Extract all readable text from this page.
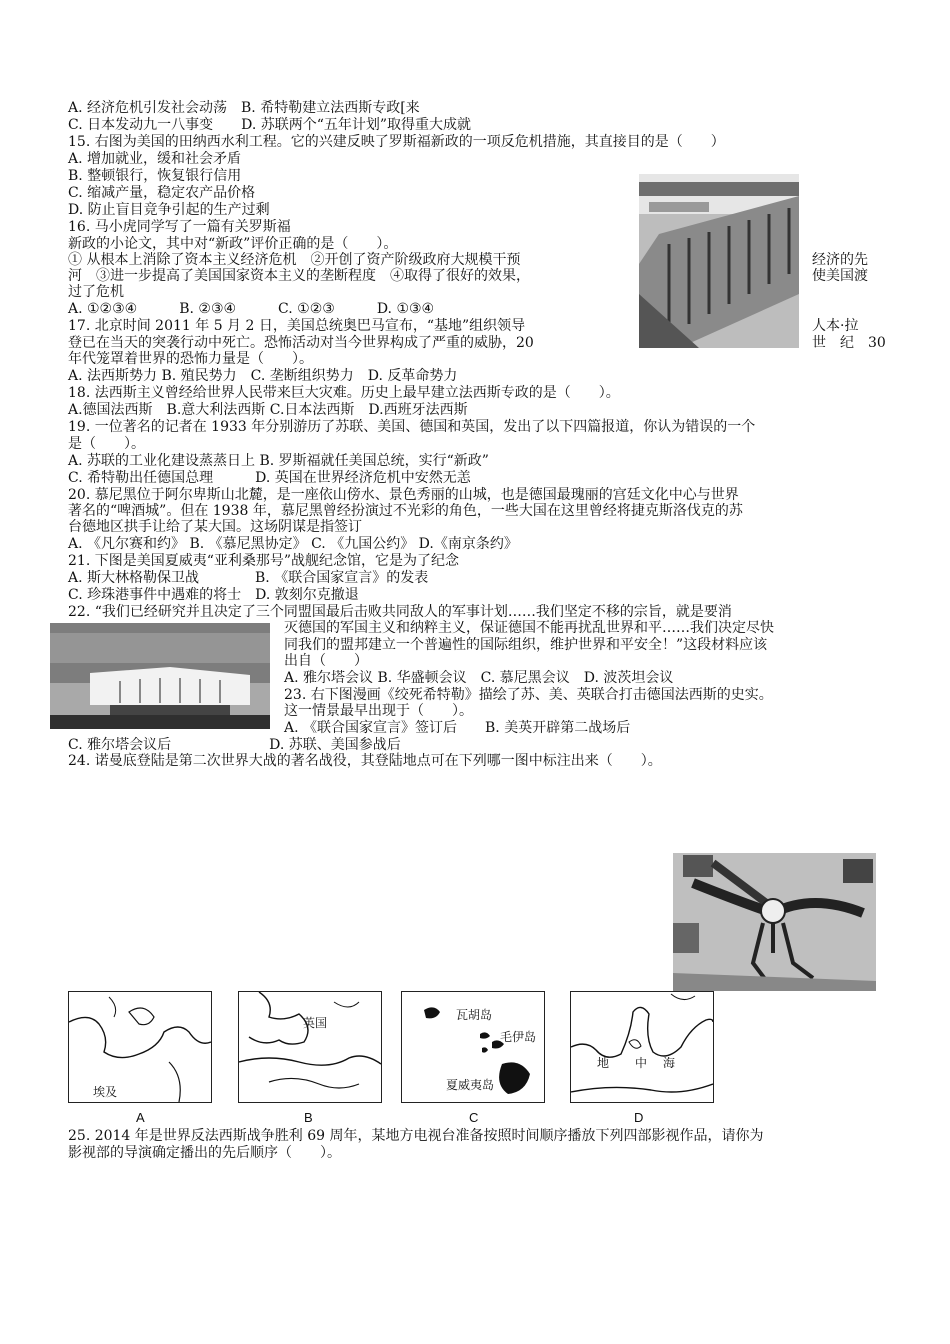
A. 经济危机引发社会动荡　B. 希特勒建立法西斯专政[来
C. 日本发动九一八事变　　D. 苏联两个“五年计划”取得重大成就
15. 右图为美国的田纳西水利工程。它的兴建反映了罗斯福新政的一项反危机措施，其直接目的是（　　）
A. 增加就业，缓和社会矛盾
B. 整顿银行，恢复银行信用
C. 缩减产量，稳定农产品价格
D. 防止盲目竞争引起的生产过剩
16. 马小虎同学写了一篇有关罗斯福
新政的小论文，其中对“新政”评价正确的是（　　）。
① 从根本上消除了资本主义经济危机　②开创了资产阶级政府大规模干预
河　③进一步提高了美国国家资本主义的垄断程度　④取得了很好的效果，
过了危机
A. ①②③④　　　B. ②③④　　　C. ①②③　　　D. ①③④
17. 北京时间 2011 年 5 月 2 日，美国总统奥巴马宣布，“基地”组织领导
登已在当天的突袭行动中死亡。恐怖活动对当今世界构成了严重的威胁，20
年代笼罩着世界的恐怖力量是（　　）。
A. 法西斯势力 B. 殖民势力　C. 垄断组织势力　D. 反革命势力
18. 法西斯主义曾经给世界人民带来巨大灾难。历史上最早建立法西斯专政的是（　　）。
A.德国法西斯　B.意大利法西斯 C.日本法西斯　D.西班牙法西斯
19. 一位著名的记者在 1933 年分别游历了苏联、美国、德国和英国，发出了以下四篇报道，你认为错误的一个
是（　　）。
A. 苏联的工业化建设蒸蒸日上 B. 罗斯福就任美国总统，实行“新政”
C. 希特勒出任德国总理　　　D. 英国在世界经济危机中安然无恙
20. 慕尼黑位于阿尔卑斯山北麓，是一座依山傍水、景色秀丽的山城，也是德国最瑰丽的宫廷文化中心与世界
著名的“啤酒城”。但在 1938 年，慕尼黑曾经扮演过不光彩的角色，一些大国在这里曾经将捷克斯洛伐克的苏
台德地区拱手让给了某大国。这场阴谋是指签订
A. 《凡尔赛和约》 B. 《慕尼黑协定》 C. 《九国公约》 D.《南京条约》
21. 下图是美国夏威夷“亚利桑那号”战舰纪念馆，它是为了纪念
A. 斯大林格勒保卫战　　　　B. 《联合国家宣言》的发表
C. 珍珠港事件中遇难的将士　D. 敦刻尔克撤退
22. “我们已经研究并且决定了三个同盟国最后击败共同敌人的军事计划……我们坚定不移的宗旨，就是要消
灭德国的军国主义和纳粹主义，保证德国不能再扰乱世界和平……我们决定尽快
同我们的盟邦建立一个普遍性的国际组织，维护世界和平安全！”这段材料应该
出自（　　）
A. 雅尔塔会议 B. 华盛顿会议　C. 慕尼黑会议　D. 波茨坦会议
23. 右下图漫画《绞死希特勒》描绘了苏、美、英联合打击德国法西斯的史实。
这一情景最早出现于（　　）。
A. 《联合国家宣言》签订后　　B. 美英开辟第二战场后
C. 雅尔塔会议后　　　　　　　D. 苏联、美国参战后
24. 诺曼底登陆是第二次世界大战的著名战役，其登陆地点可在下列哪一图中标注出来（　　）。
25. 2014 年是世界反法西斯战争胜利 69 周年，某地方电视台准备按照时间顺序播放下列四部影视作品，请你为
影视部的导演确定播出的先后顺序（　　）。
经济的先
使美国渡
人本·拉
世　纪　30
埃及
A
英国
B
瓦胡岛
毛伊岛
夏威夷岛
C
地 中 海
D
